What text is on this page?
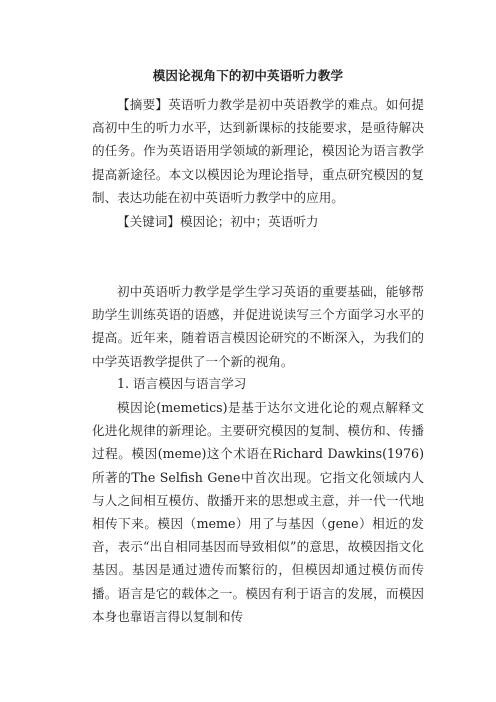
模因论视角下的初中英语听力教学

【摘要】英语听力教学是初中英语教学的难点。如何提高初中生的听力水平，达到新课标的技能要求，是亟待解决的任务。作为英语语用学领域的新理论，模因论为语言教学提高新途径。本文以模因论为理论指导，重点研究模因的复制、表达功能在初中英语听力教学中的应用。

【关键词】模因论；初中；英语听力

初中英语听力教学是学生学习英语的重要基础，能够帮助学生训练英语的语感，并促进说读写三个方面学习水平的提高。近年来，随着语言模因论研究的不断深入，为我们的中学英语教学提供了一个新的视角。

1. 语言模因与语言学习

模因论(memetics)是基于达尔文进化论的观点解释文化进化规律的新理论。主要研究模因的复制、模仿和、传播过程。模因(meme)这个术语在Richard Dawkins(1976)所著的The Selfish Gene中首次出现。它指文化领域内人与人之间相互模仿、散播开来的思想或主意，并一代一代地相传下来。模因（meme）用了与基因（gene）相近的发音，表示“出自相同基因而导致相似”的意思，故模因指文化基因。基因是通过遗传而繁衍的，但模因却通过模仿而传播。语言是它的载体之一。模因有利于语言的发展，而模因本身也靠语言得以复制和传
